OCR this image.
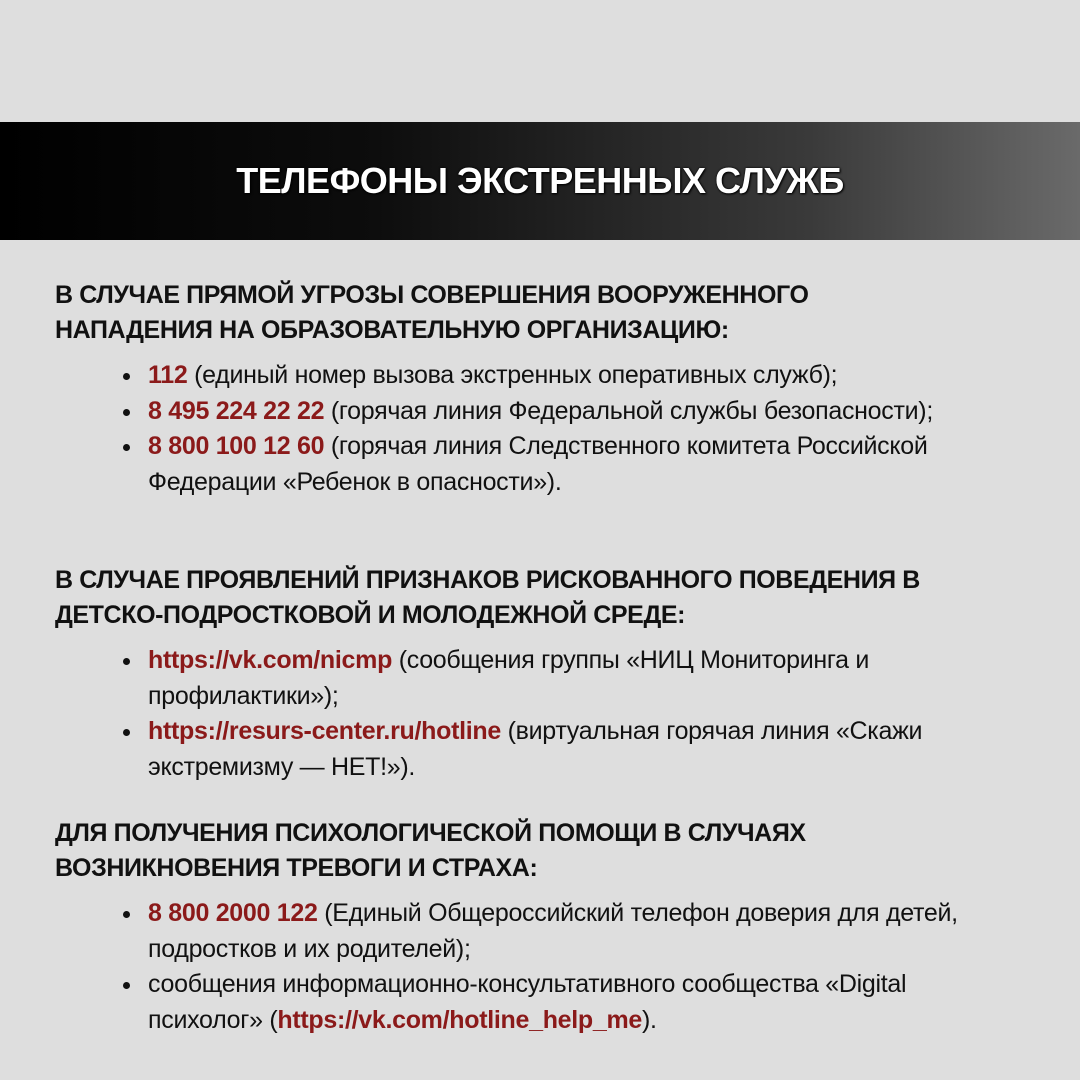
ТЕЛЕФОНЫ ЭКСТРЕННЫХ СЛУЖБ

В СЛУЧАЕ ПРЯМОЙ УГРОЗЫ СОВЕРШЕНИЯ ВООРУЖЕННОГО НАПАДЕНИЯ НА ОБРАЗОВАТЕЛЬНУЮ ОРГАНИЗАЦИЮ:

112 (единый номер вызова экстренных оперативных служб);
8 495 224 22 22 (горячая линия Федеральной службы безопасности);
8 800 100 12 60 (горячая линия Следственного комитета Российской Федерации «Ребенок в опасности»).

В СЛУЧАЕ ПРОЯВЛЕНИЙ ПРИЗНАКОВ РИСКОВАННОГО ПОВЕДЕНИЯ В ДЕТСКО-ПОДРОСТКОВОЙ И МОЛОДЕЖНОЙ СРЕДЕ:

https://vk.com/nicmp (сообщения группы «НИЦ Мониторинга и профилактики»);
https://resurs-center.ru/hotline (виртуальная горячая линия «Скажи экстремизму — НЕТ!»).

ДЛЯ ПОЛУЧЕНИЯ ПСИХОЛОГИЧЕСКОЙ ПОМОЩИ В СЛУЧАЯХ ВОЗНИКНОВЕНИЯ ТРЕВОГИ И СТРАХА:

8 800 2000 122 (Единый Общероссийский телефон доверия для детей, подростков и их родителей);
сообщения информационно-консультативного сообщества «Digital психолог» (https://vk.com/hotline_help_me).
